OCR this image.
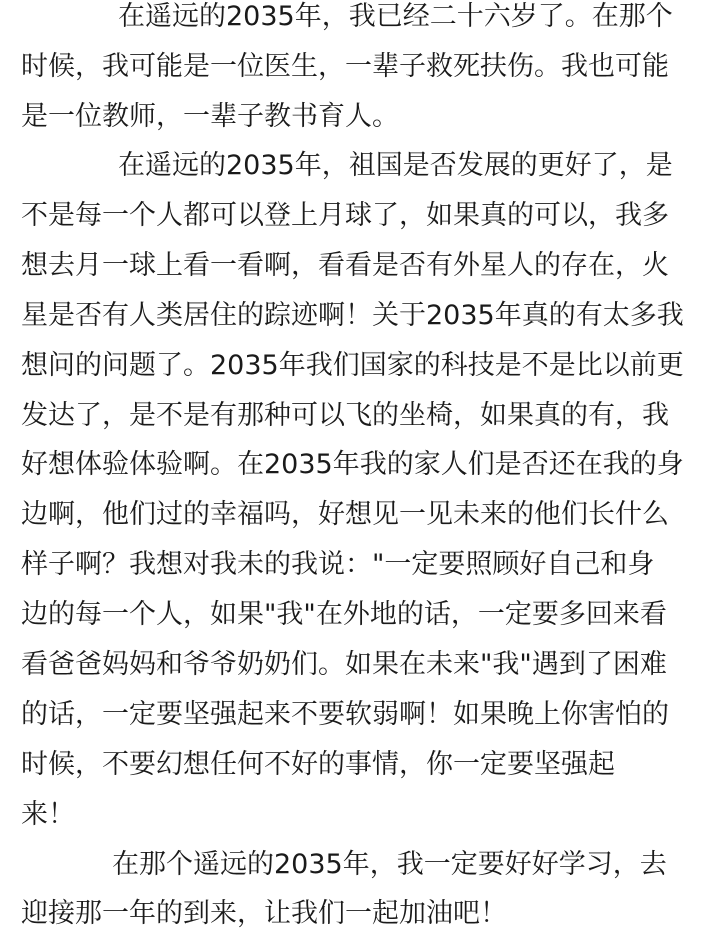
在遥远的2035年，我已经二十六岁了。在那个
时候，我可能是一位医生，一辈子救死扶伤。我也可能
是一位教师，一辈子教书育人。
在遥远的2035年，祖国是否发展的更好了，是
不是每一个人都可以登上月球了，如果真的可以，我多
想去月一球上看一看啊，看看是否有外星人的存在，火
星是否有人类居住的踪迹啊！关于2035年真的有太多我
想问的问题了。2035年我们国家的科技是不是比以前更
发达了，是不是有那种可以飞的坐椅，如果真的有，我
好想体验体验啊。在2035年我的家人们是否还在我的身
边啊，他们过的幸福吗，好想见一见未来的他们长什么
样子啊？我想对我未的我说："一定要照顾好自己和身
边的每一个人，如果"我"在外地的话，一定要多回来看
看爸爸妈妈和爷爷奶奶们。如果在未来"我"遇到了困难
的话，一定要坚强起来不要软弱啊！如果晚上你害怕的
时候，不要幻想任何不好的事情，你一定要坚强起
来！
在那个遥远的2035年，我一定要好好学习，去
迎接那一年的到来，让我们一起加油吧！
